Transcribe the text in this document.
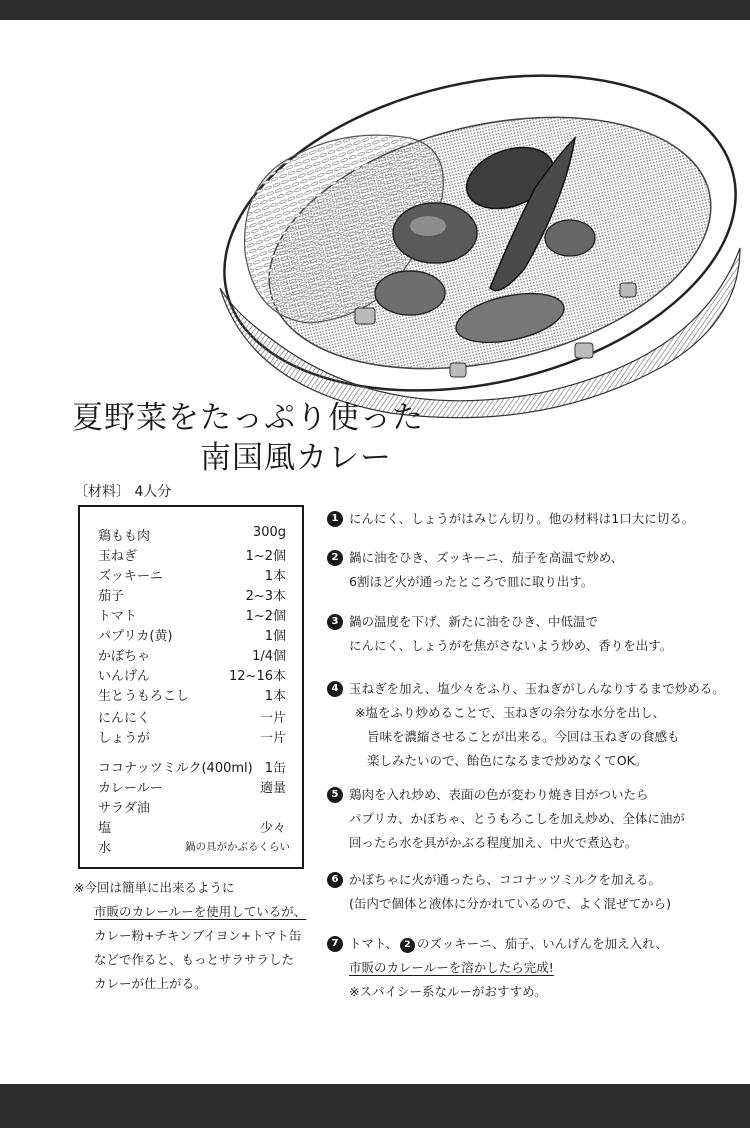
夏野菜をたっぷり使った
南国風カレー
〔材料〕 4人分
鶏もも肉	300g
玉ねぎ	1~2個
ズッキーニ	1本
茄子	2~3本
トマト	1~2個
パプリカ(黄)	1個
かぼちゃ	1/4個
いんげん	12~16本
生とうもろこし	1本
にんにく	一片
しょうが	一片
ココナッツミルク(400ml) 1缶
カレールー	適量
サラダ油
塩	少々
水	鍋の具がかぶるくらい
※今回は簡単に出来るように
市販のカレールーを使用しているが、
カレー粉+チキンブイヨン+トマト缶
などで作ると、もっとサラサラした
カレーが仕上がる。
1 にんにく、しょうがはみじん切り。他の材料は1口大に切る。
2 鍋に油をひき、ズッキーニ、茄子を高温で炒め、
6割ほど火が通ったところで皿に取り出す。
3 鍋の温度を下げ、新たに油をひき、中低温で
にんにく、しょうがを焦がさないよう炒め、香りを出す。
4 玉ねぎを加え、塩少々をふり、玉ねぎがしんなりするまで炒める。
※塩をふり炒めることで、玉ねぎの余分な水分を出し、
旨味を濃縮させることが出来る。今回は玉ねぎの食感も
楽しみたいので、飴色になるまで炒めなくてOK。
5 鶏肉を入れ炒め、表面の色が変わり焼き目がついたら
パプリカ、かぼちゃ、とうもろこしを加え炒め、全体に油が
回ったら水を具がかぶる程度加え、中火で煮込む。
6 かぼちゃに火が通ったら、ココナッツミルクを加える。
(缶内で個体と液体に分かれているので、よく混ぜてから)
7 トマト、 2 のズッキーニ、茄子、いんげんを加え入れ、
市販のカレールーを溶かしたら完成!
※スパイシー系なルーがおすすめ。
